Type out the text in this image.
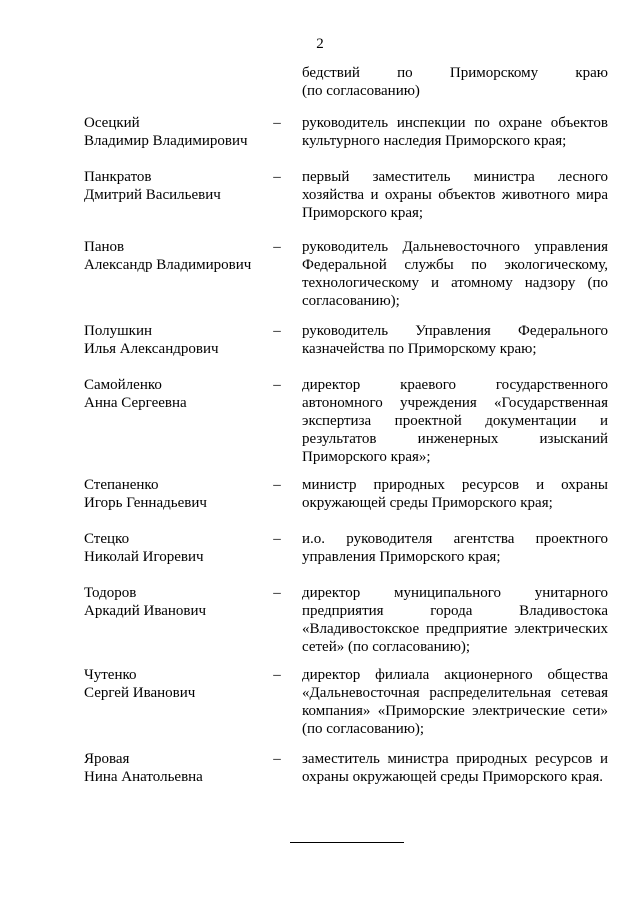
2
бедствий по Приморскому краю
(по согласованию)
Осецкий
Владимир Владимирович
– руководитель инспекции по охране объектов культурного наследия Приморского края;
Панкратов
Дмитрий Васильевич
– первый заместитель министра лесного хозяйства и охраны объектов животного мира Приморского края;
Панов
Александр Владимирович
– руководитель Дальневосточного управления Федеральной службы по экологическому, технологическому и атомному надзору (по согласованию);
Полушкин
Илья Александрович
– руководитель Управления Федерального казначейства по Приморскому краю;
Самойленко
Анна Сергеевна
– директор краевого государственного автономного учреждения «Государственная экспертиза проектной документации и результатов инженерных изысканий Приморского края»;
Степаненко
Игорь Геннадьевич
– министр природных ресурсов и охраны окружающей среды Приморского края;
Стецко
Николай Игоревич
– и.о. руководителя агентства проектного управления Приморского края;
Тодоров
Аркадий Иванович
– директор муниципального унитарного предприятия города Владивостока «Владивостокское предприятие электрических сетей» (по согласованию);
Чутенко
Сергей Иванович
– директор филиала акционерного общества «Дальневосточная распределительная сетевая компания» «Приморские электрические сети» (по согласованию);
Яровая
Нина Анатольевна
– заместитель министра природных ресурсов и охраны окружающей среды Приморского края.
